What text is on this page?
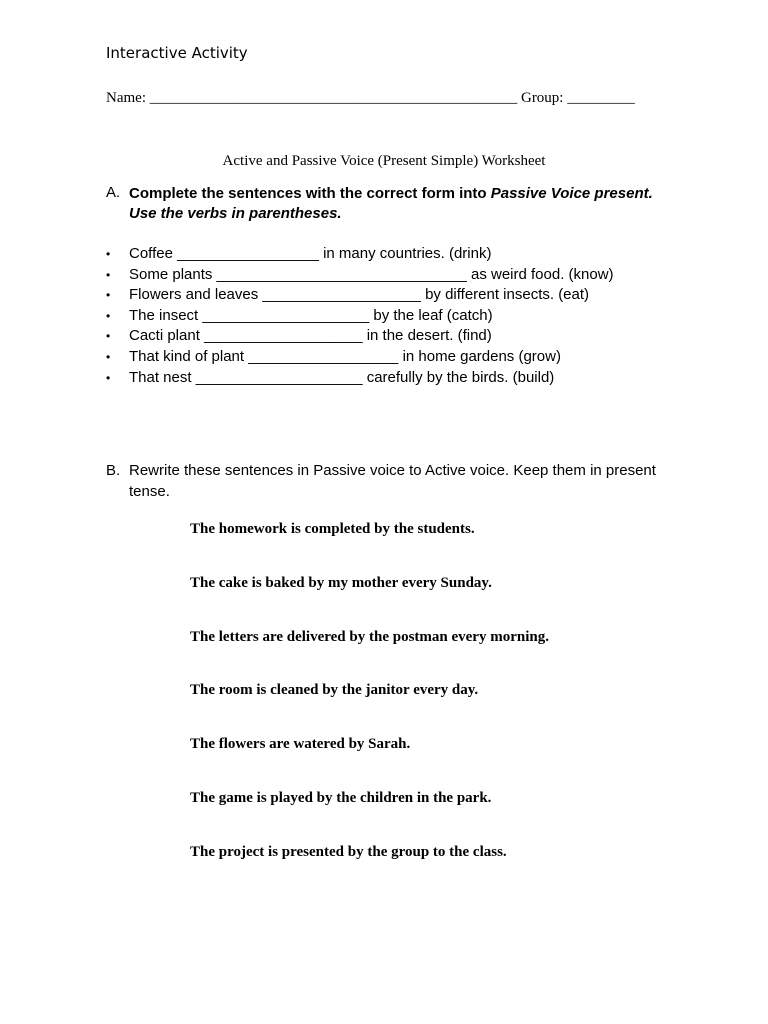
Interactive Activity
Name: _________________________________________________ Group: _________
Active and Passive Voice (Present Simple) Worksheet
A. Complete the sentences with the correct form into Passive Voice present. Use the verbs in parentheses.
• Coffee _________________ in many countries. (drink)
• Some plants ______________________________ as weird food. (know)
• Flowers and leaves ___________________ by different insects. (eat)
• The insect ____________________ by the leaf (catch)
• Cacti plant ___________________ in the desert. (find)
• That kind of plant __________________ in home gardens (grow)
• That nest ____________________ carefully by the birds. (build)
B. Rewrite these sentences in Passive voice to Active voice. Keep them in present tense.
The homework is completed by the students.
The cake is baked by my mother every Sunday.
The letters are delivered by the postman every morning.
The room is cleaned by the janitor every day.
The flowers are watered by Sarah.
The game is played by the children in the park.
The project is presented by the group to the class.
